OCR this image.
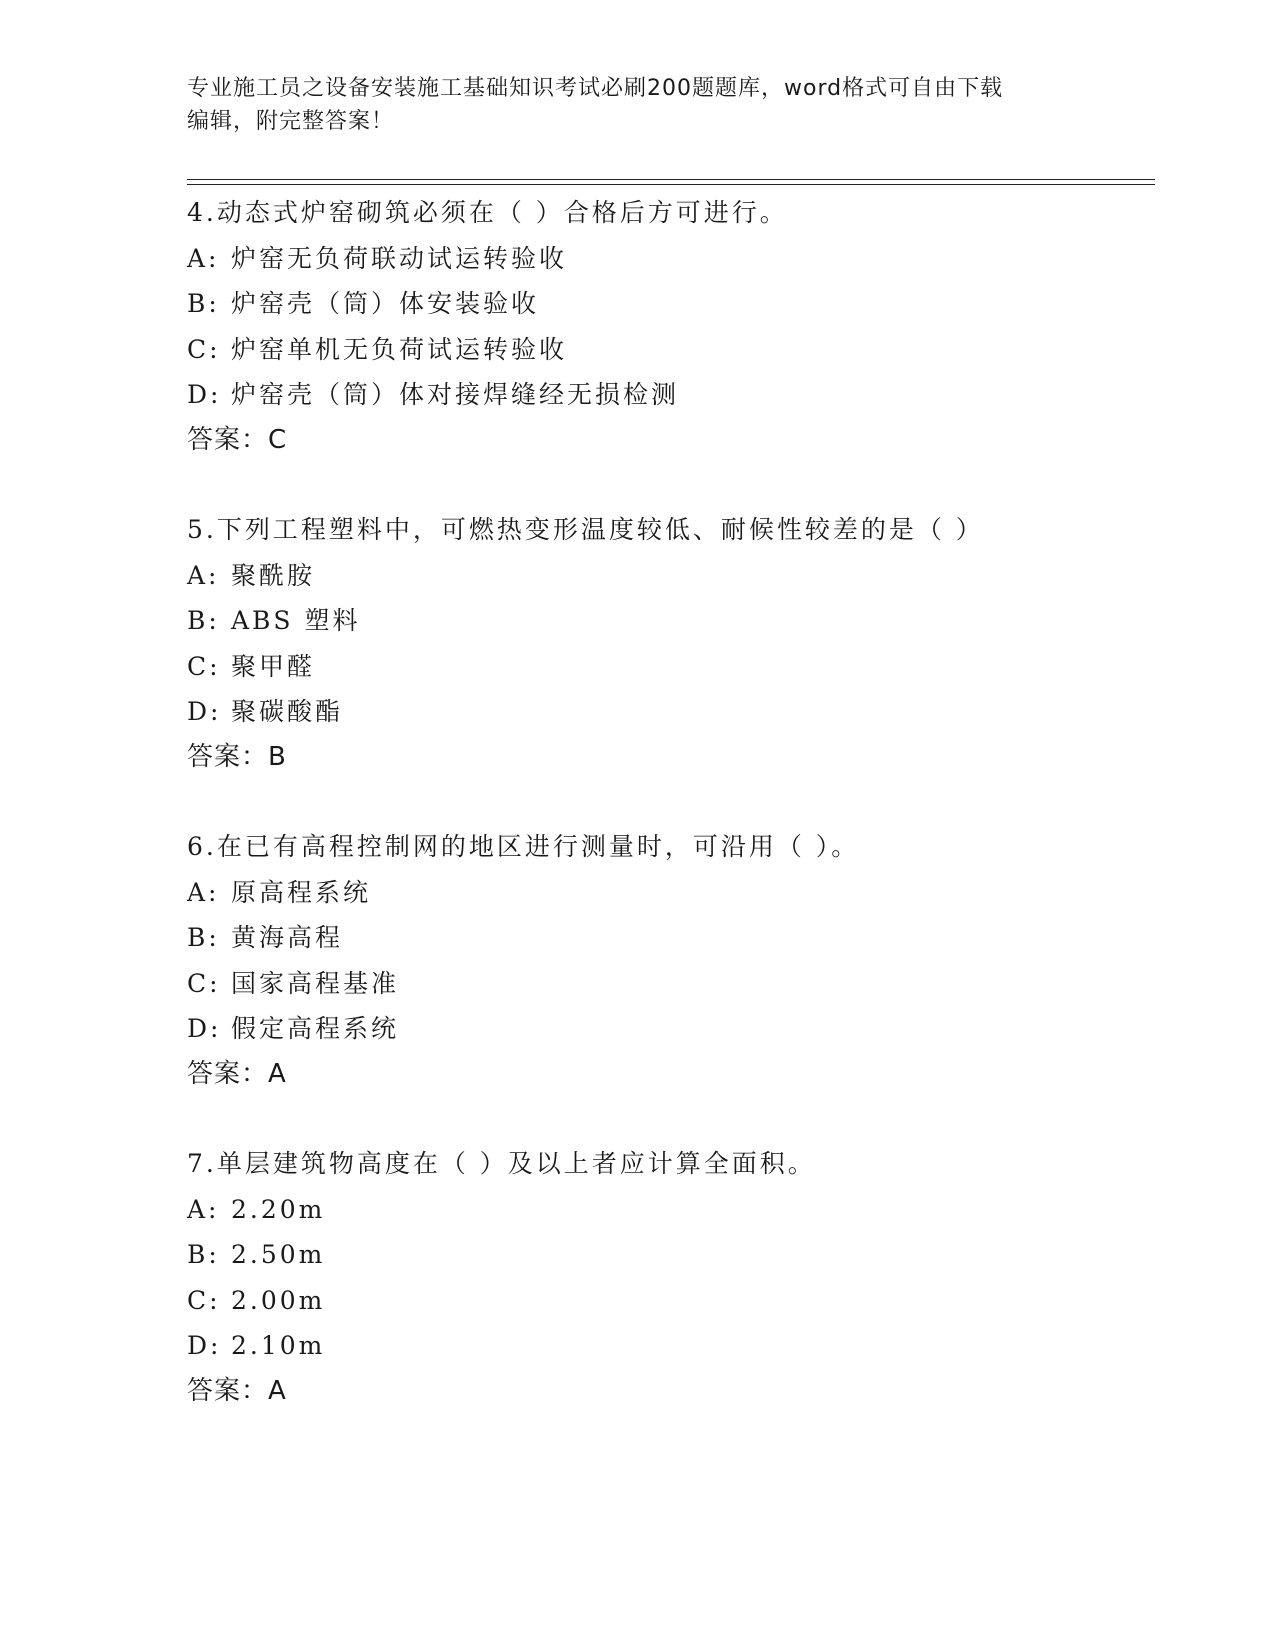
专业施工员之设备安装施工基础知识考试必刷200题题库，word格式可自由下载
编辑，附完整答案！
4.动态式炉窑砌筑必须在（ ）合格后方可进行。
A: 炉窑无负荷联动试运转验收
B: 炉窑壳（筒）体安装验收
C: 炉窑单机无负荷试运转验收
D: 炉窑壳（筒）体对接焊缝经无损检测
答案：C
5.下列工程塑料中，可燃热变形温度较低、耐候性较差的是（ ）
A: 聚酰胺
B: ABS 塑料
C: 聚甲醛
D: 聚碳酸酯
答案：B
6.在已有高程控制网的地区进行测量时，可沿用（ ）。
A: 原高程系统
B: 黄海高程
C: 国家高程基准
D: 假定高程系统
答案：A
7.单层建筑物高度在（ ）及以上者应计算全面积。
A: 2.20m
B: 2.50m
C: 2.00m
D: 2.10m
答案：A
